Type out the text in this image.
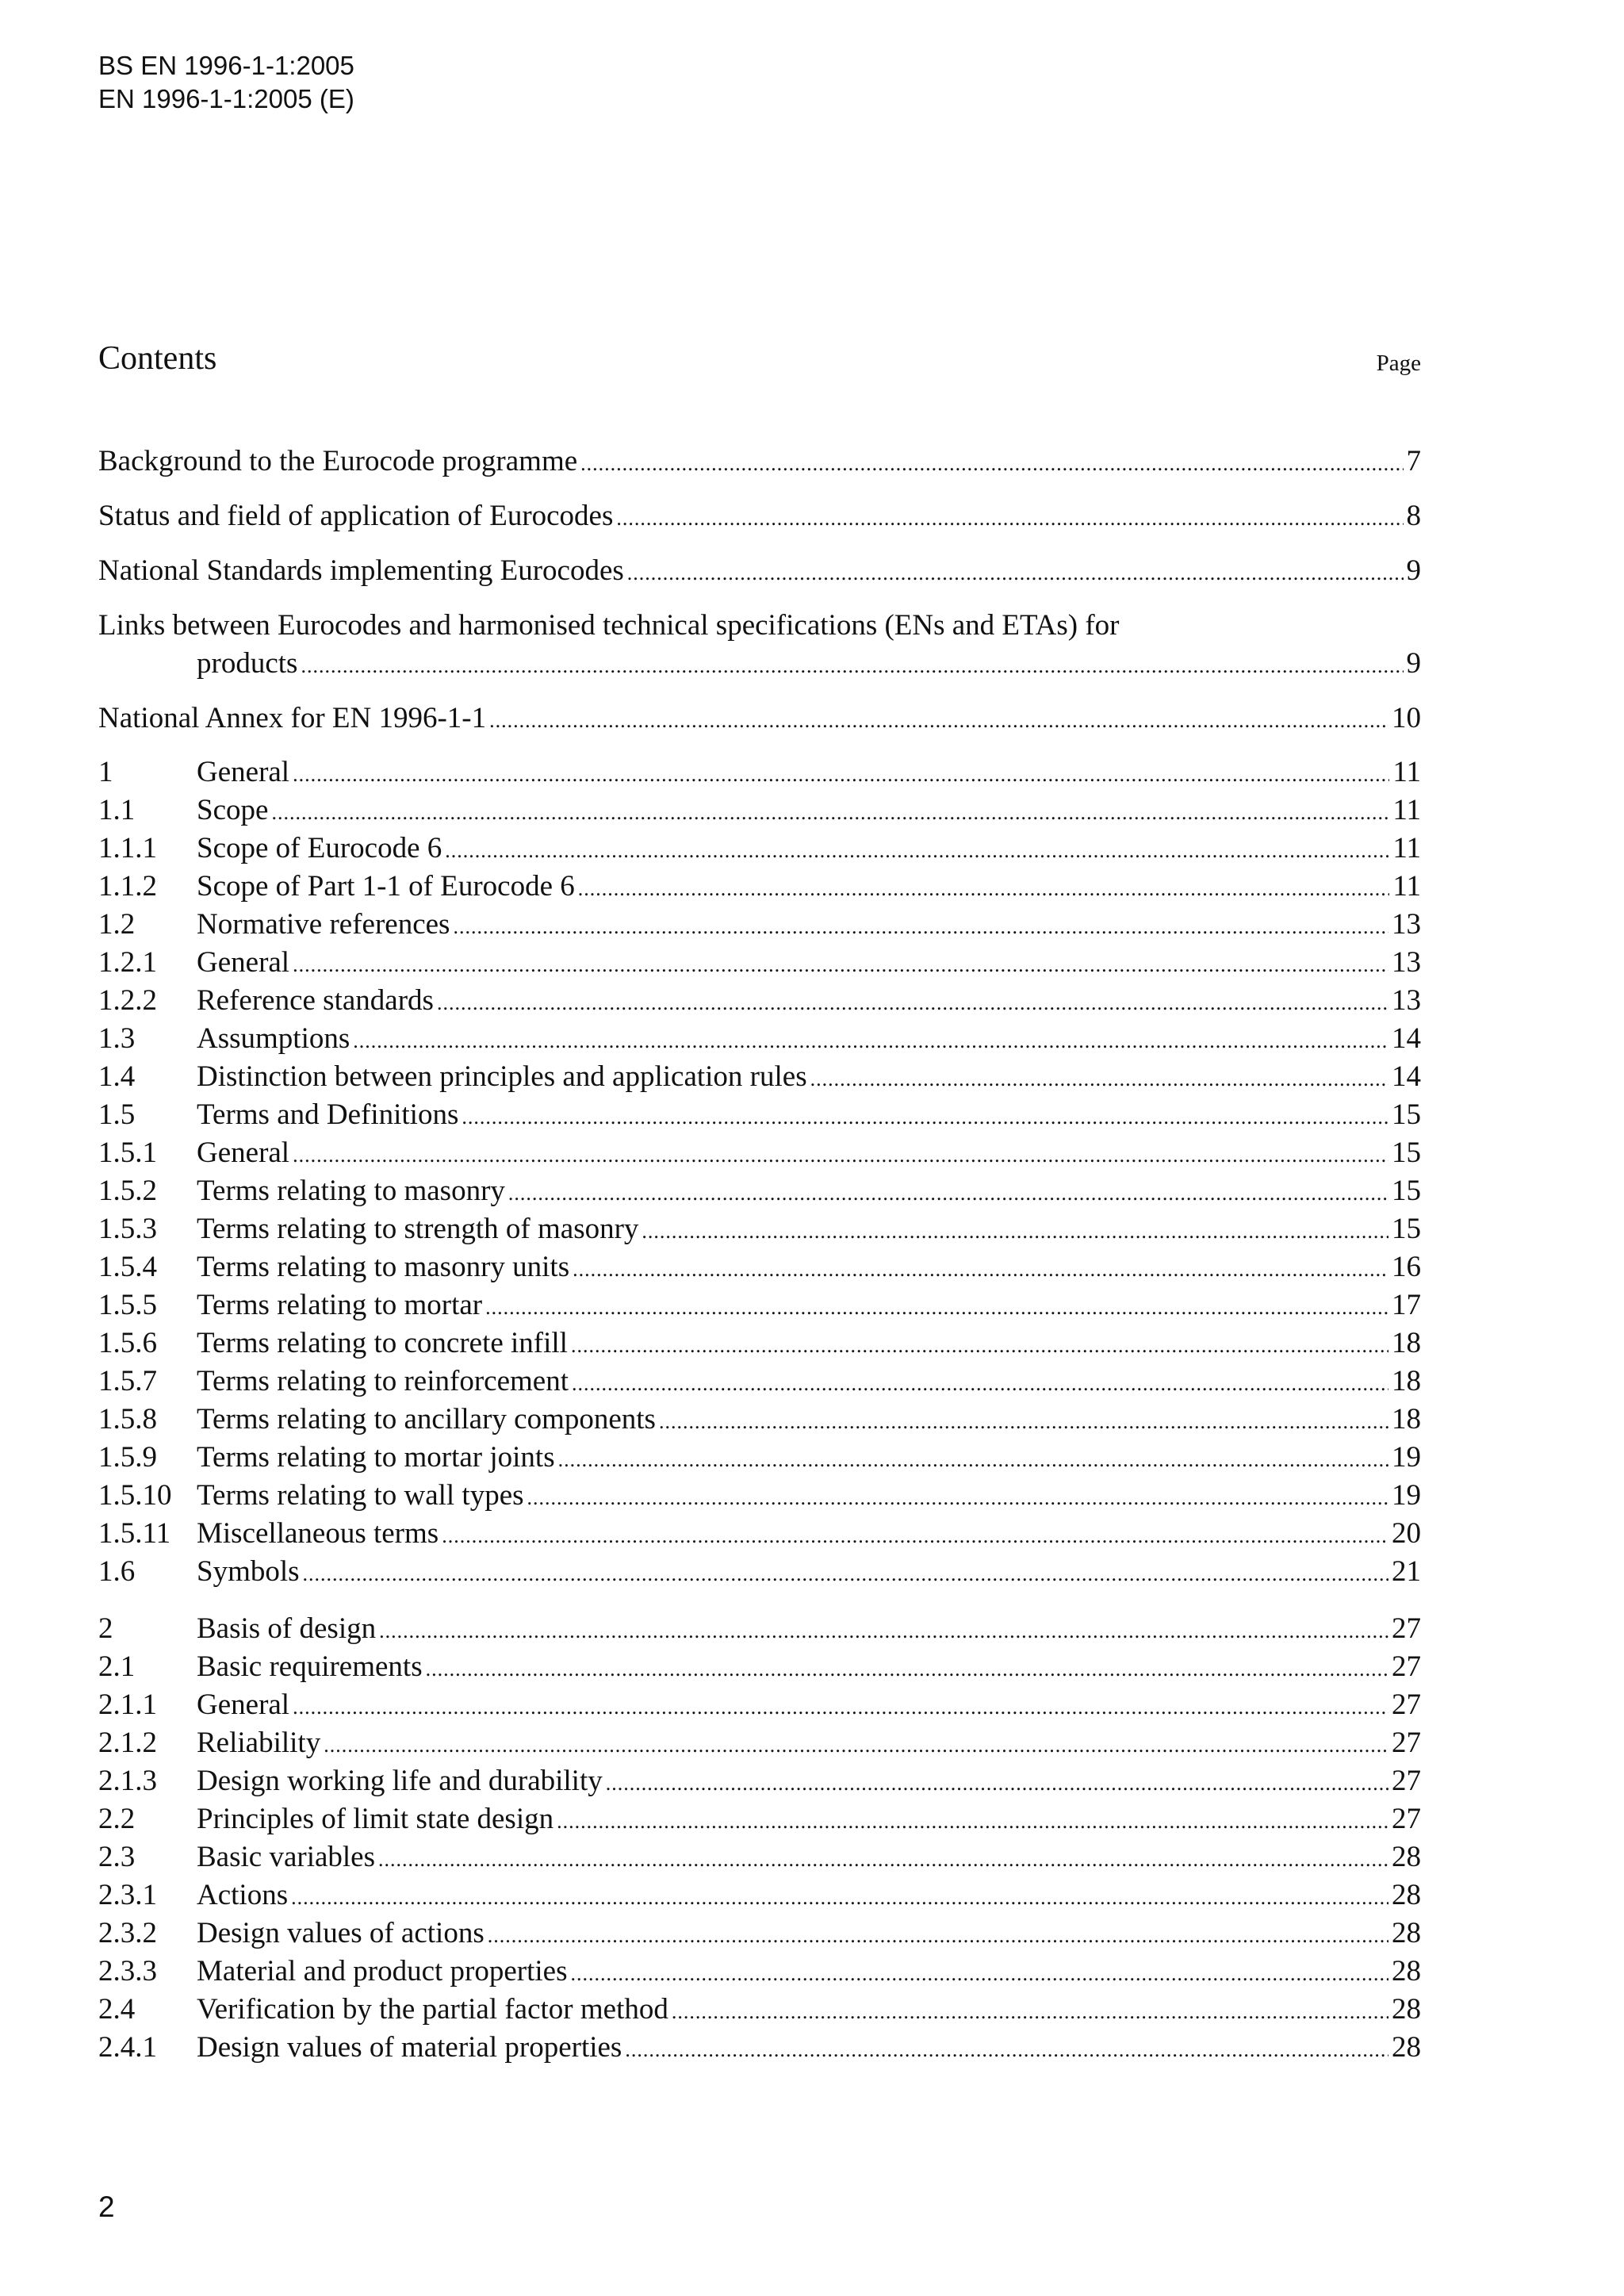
BS EN 1996-1-1:2005
EN 1996-1-1:2005 (E)
Contents	Page
Background to the Eurocode programme .....	7
Status and field of application of Eurocodes .....	8
National Standards implementing Eurocodes .....	9
Links between Eurocodes and harmonised technical specifications (ENs and ETAs) for
products .....	9
National Annex for EN 1996-1-1 .....	10
1	General .....	11
1.1	Scope .....	11
1.1.1	Scope of Eurocode 6 .....	11
1.1.2	Scope of Part 1-1 of Eurocode 6 .....	11
1.2	Normative references .....	13
1.2.1	General .....	13
1.2.2	Reference standards .....	13
1.3	Assumptions .....	14
1.4	Distinction between principles and application rules .....	14
1.5	Terms and Definitions .....	15
1.5.1	General .....	15
1.5.2	Terms relating to masonry .....	15
1.5.3	Terms relating to strength of masonry .....	15
1.5.4	Terms relating to masonry units .....	16
1.5.5	Terms relating to mortar .....	17
1.5.6	Terms relating to concrete infill .....	18
1.5.7	Terms relating to reinforcement .....	18
1.5.8	Terms relating to ancillary components .....	18
1.5.9	Terms relating to mortar joints .....	19
1.5.10 Terms relating to wall types .....	19
1.5.11 Miscellaneous terms .....	20
1.6	Symbols .....	21
2	Basis of design .....	27
2.1	Basic requirements .....	27
2.1.1	General .....	27
2.1.2	Reliability .....	27
2.1.3	Design working life and durability .....	27
2.2	Principles of limit state design .....	27
2.3	Basic variables .....	28
2.3.1	Actions .....	28
2.3.2	Design values of actions .....	28
2.3.3	Material and product properties .....	28
2.4	Verification by the partial factor method .....	28
2.4.1	Design values of material properties .....	28
2
